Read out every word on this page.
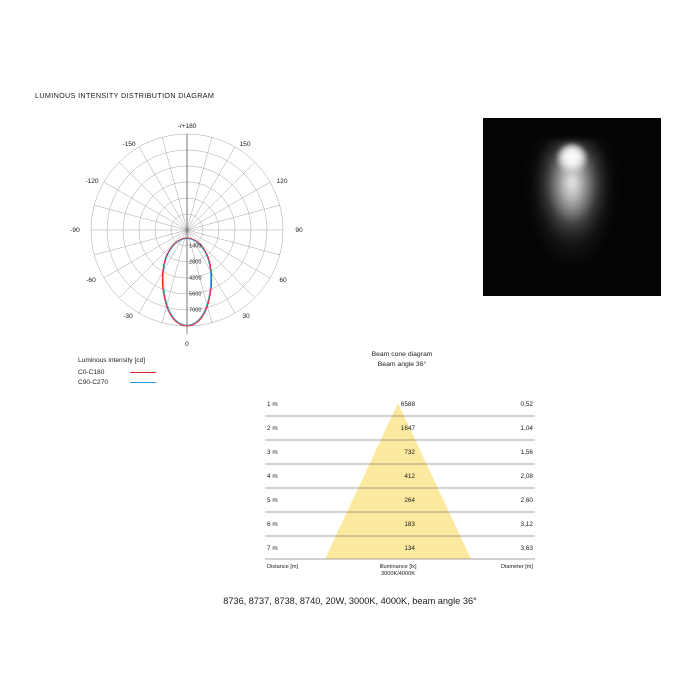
LUMINOUS INTENSITY DISTRIBUTION DIAGRAM
1400
2800
4200
5600
7000
-/+180
150
120
90
60
30
0
-30
-60
-90
-120
-150
Luminous intensity [cd]
C0-C180
C90-C270
Beam cone diagram
Beam angle 36°
1 m	6588	0,52
2 m	1647	1,04
3 m	732	1,56
4 m	412	2,08
5 m	264	2,60
6 m	183	3,12
7 m	134	3,63
Distance [m]	Illuminance [lx]
3000K/4000K
Diameter [m]
8736, 8737, 8738, 8740, 20W, 3000K, 4000K, beam angle 36°
